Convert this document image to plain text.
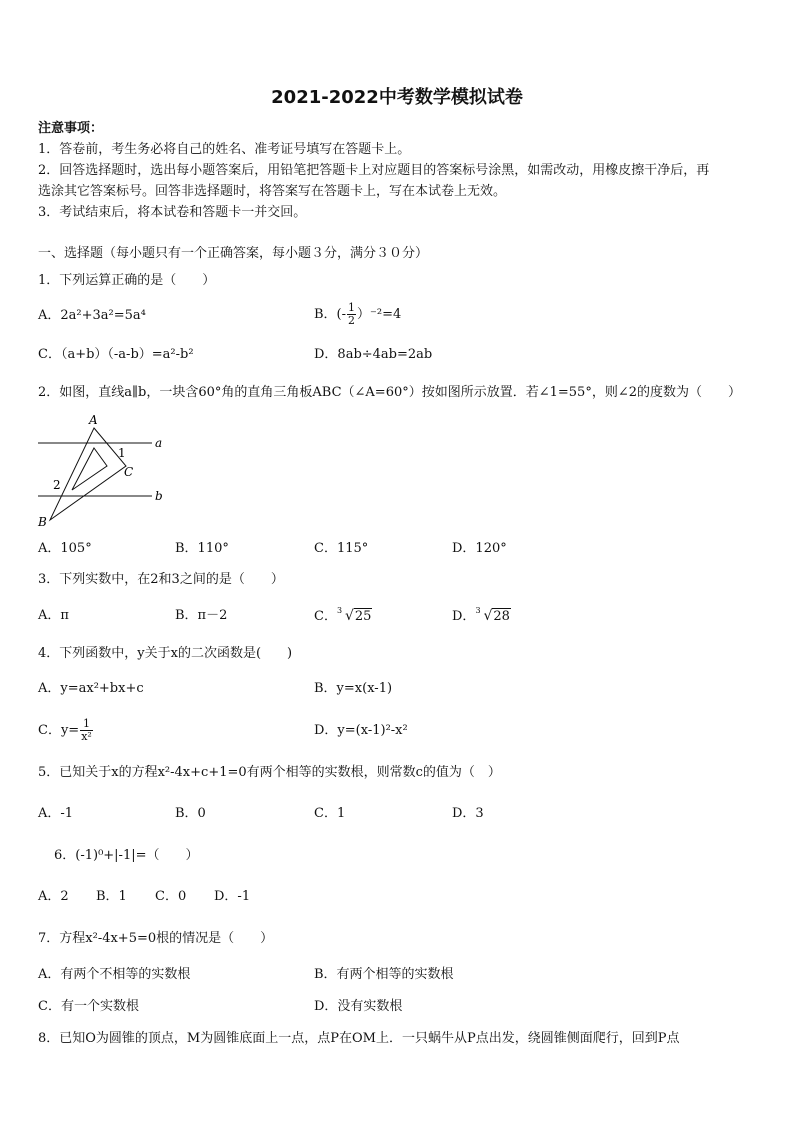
2021-2022中考数学模拟试卷
注意事项：
1．答卷前，考生务必将自己的姓名、准考证号填写在答题卡上。
2．回答选择题时，选出每小题答案后，用铅笔把答题卡上对应题目的答案标号涂黑，如需改动，用橡皮擦干净后，再
选涂其它答案标号。回答非选择题时，将答案写在答题卡上，写在本试卷上无效。
3．考试结束后，将本试卷和答题卡一并交回。
一、选择题（每小题只有一个正确答案，每小题３分，满分３０分）
1．下列运算正确的是（　　）
A．2a²+3a²=5a⁴	B．(- $\frac{1}{2} )^{-2}=4$
C．（a+b）（-a-b）=a²-b²	D．8ab÷4ab=2ab
2．如图，直线a∥b，一块含60°角的直角三角板ABC（∠A=60°）按如图所示放置．若∠1=55°，则∠2的度数为（　　）
A
B
C
a
b
1
2
A．105°	B．110°	C．115°	D．120°
3．下列实数中，在2和3之间的是（　　）
A．π	B．π－2	C． 3 √25	D． 3 √28
4．下列函数中，y关于x的二次函数是(　　)
A．y=ax²+bx+c	B．y=x(x-1)
C．$y= \frac{1}{\text{x²}}$	D．y=(x-1)²-x²
5．已知关于x的方程x²-4x+c+1=0有两个相等的实数根，则常数c的值为（　）
A．-1	B．0	C．1	D．3
6．(-1)⁰+|-1|=（　　）
A．2 B．1 C．0 D．-1
7．方程x²-4x+5=0根的情况是（　　）
A．有两个不相等的实数根	B．有两个相等的实数根
C．有一个实数根	D．没有实数根
8．已知O为圆锥的顶点，M为圆锥底面上一点，点P在OM上．一只蜗牛从P点出发，绕圆锥侧面爬行，回到P点
